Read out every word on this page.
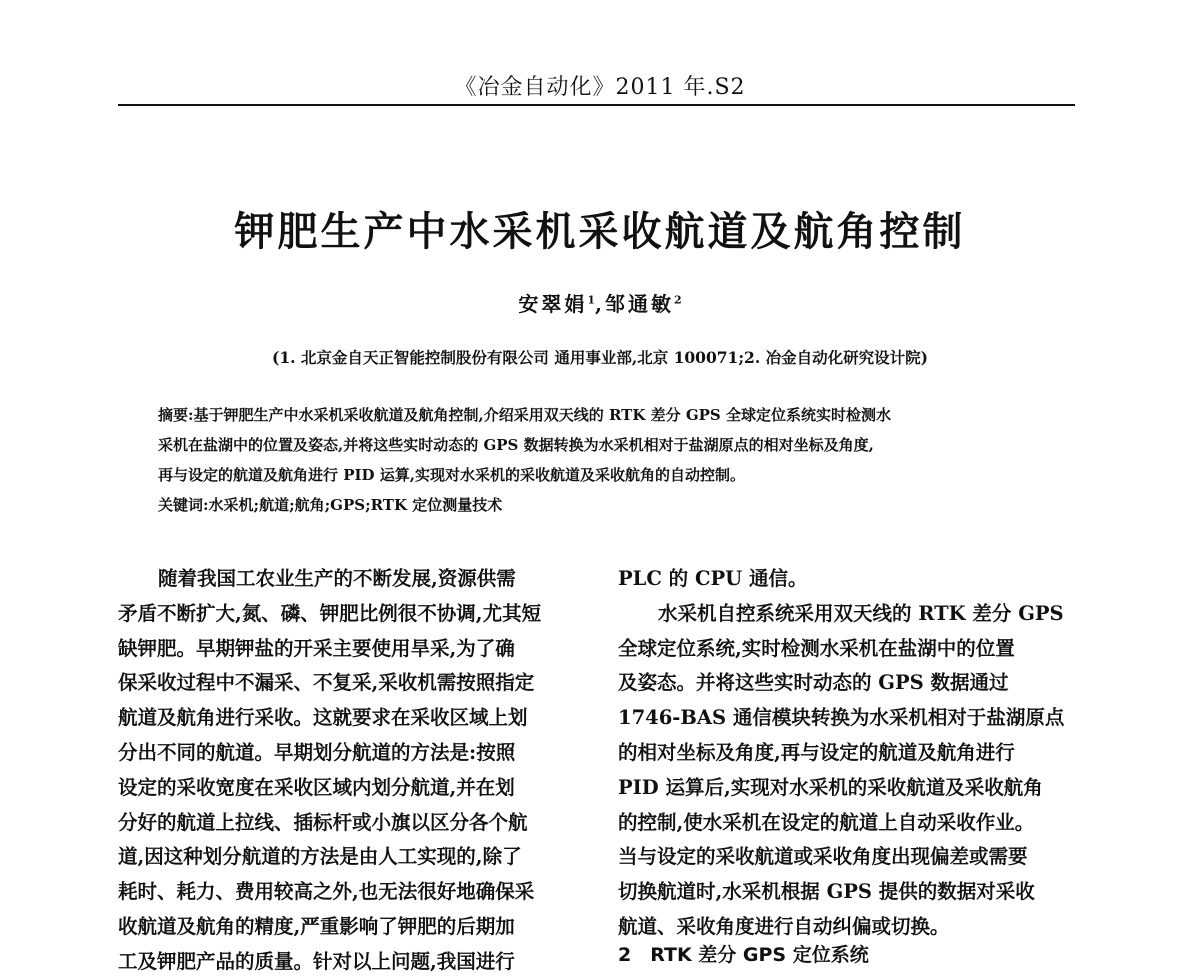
《冶金自动化》2011 年.S2
钾肥生产中水采机采收航道及航角控制
安翠娟$^1$,邹通敏$^2$
(1. 北京金自天正智能控制股份有限公司 通用事业部,北京 100071;2. 冶金自动化研究设计院)
摘要:基于钾肥生产中水采机采收航道及航角控制,介绍采用双天线的 RTK 差分 GPS 全球定位系统实时检测水
采机在盐湖中的位置及姿态,并将这些实时动态的 GPS 数据转换为水采机相对于盐湖原点的相对坐标及角度,
再与设定的航道及航角进行 PID 运算,实现对水采机的采收航道及采收航角的自动控制。
关键词:水采机;航道;航角;GPS;RTK 定位测量技术
随着我国工农业生产的不断发展,资源供需
矛盾不断扩大,氮、磷、钾肥比例很不协调,尤其短
缺钾肥。早期钾盐的开采主要使用旱采,为了确
保采收过程中不漏采、不复采,采收机需按照指定
航道及航角进行采收。这就要求在采收区域上划
分出不同的航道。早期划分航道的方法是:按照
设定的采收宽度在采收区域内划分航道,并在划
分好的航道上拉线、插标杆或小旗以区分各个航
道,因这种划分航道的方法是由人工实现的,除了
耗时、耗力、费用较高之外,也无法很好地确保采
收航道及航角的精度,严重影响了钾肥的后期加
工及钾肥产品的质量。针对以上问题,我国进行
PLC 的 CPU 通信。
水采机自控系统采用双天线的 RTK 差分 GPS
全球定位系统,实时检测水采机在盐湖中的位置
及姿态。并将这些实时动态的 GPS 数据通过
1746-BAS 通信模块转换为水采机相对于盐湖原点
的相对坐标及角度,再与设定的航道及航角进行
PID 运算后,实现对水采机的采收航道及采收航角
的控制,使水采机在设定的航道上自动采收作业。
当与设定的采收航道或采收角度出现偏差或需要
切换航道时,水采机根据 GPS 提供的数据对采收
航道、采收角度进行自动纠偏或切换。
2　RTK 差分 GPS 定位系统
